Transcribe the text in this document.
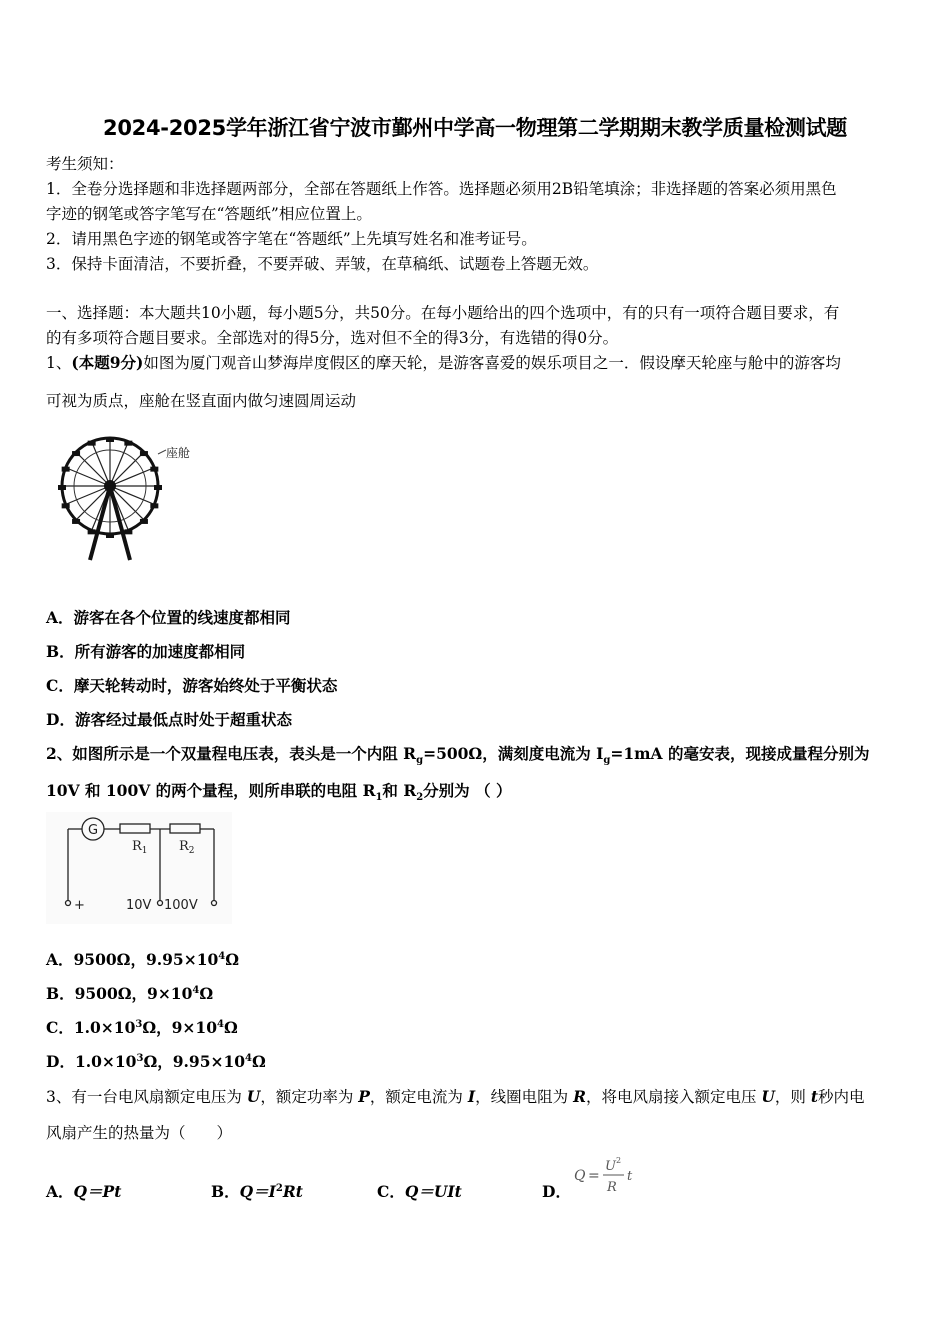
2024-2025学年浙江省宁波市鄞州中学高一物理第二学期期末教学质量检测试题
考生须知：
1．全卷分选择题和非选择题两部分，全部在答题纸上作答。选择题必须用2B铅笔填涂；非选择题的答案必须用黑色
字迹的钢笔或答字笔写在“答题纸”相应位置上。
2．请用黑色字迹的钢笔或答字笔在“答题纸”上先填写姓名和准考证号。
3．保持卡面清洁，不要折叠，不要弄破、弄皱，在草稿纸、试题卷上答题无效。
一、选择题：本大题共10小题，每小题5分，共50分。在每小题给出的四个选项中，有的只有一项符合题目要求，有
的有多项符合题目要求。全部选对的得5分，选对但不全的得3分，有选错的得0分。
1、(本题9分)如图为厦门观音山梦海岸度假区的摩天轮，是游客喜爱的娱乐项目之一．假设摩天轮座与舱中的游客均
可视为质点，座舱在竖直面内做匀速圆周运动
座舱
A．游客在各个位置的线速度都相同
B．所有游客的加速度都相同
C．摩天轮转动时，游客始终处于平衡状态
D．游客经过最低点时处于超重状态
2、如图所示是一个双量程电压表，表头是一个内阻 $R_g=500\Omega$，满刻度电流为 $I_g=1mA$ 的毫安表，现接成量程分别为
10V 和 100V 的两个量程，则所串联的电阻 $R_1$和 $R_2$分别为 （ ）
G
$R_1$ $R_2$
+	10V 100V
A．9500Ω，$9.95\times 10^4\Omega$
B．9500Ω，$9\times 10^4\Omega$
C．$1.0\times 10^3\Omega$，$9\times 10^4\Omega$
D．$1.0\times 10^3\Omega$，$9.95\times 10^4\Omega$
3、有一台电风扇额定电压为 U，额定功率为 P，额定电流为 I，线圈电阻为 R，将电风扇接入额定电压 U，则 t秒内电
风扇产生的热量为（　　）
A．Q＝Pt	B．$Q=I^2Rt$	C．Q＝UIt	D．
Q =
U 2
R
t
